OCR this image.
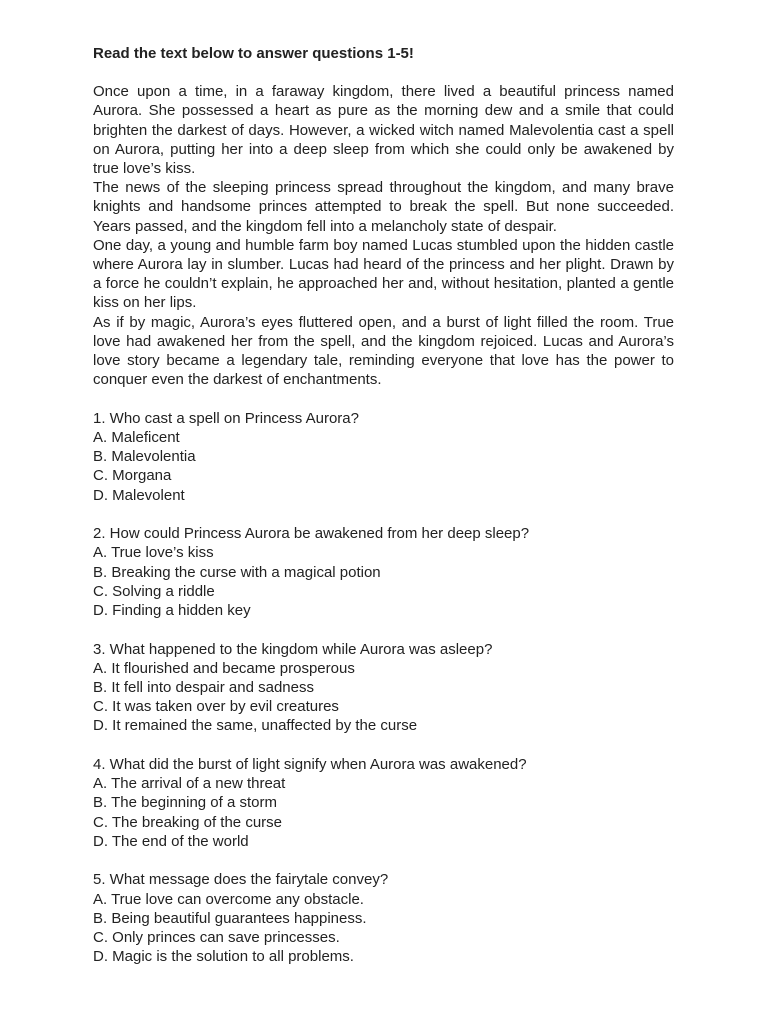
Read the text below to answer questions 1-5!

Once upon a time, in a faraway kingdom, there lived a beautiful princess named Aurora. She possessed a heart as pure as the morning dew and a smile that could brighten the darkest of days. However, a wicked witch named Malevolentia cast a spell on Aurora, putting her into a deep sleep from which she could only be awakened by true love’s kiss.

The news of the sleeping princess spread throughout the kingdom, and many brave knights and handsome princes attempted to break the spell. But none succeeded. Years passed, and the kingdom fell into a melancholy state of despair.

One day, a young and humble farm boy named Lucas stumbled upon the hidden castle where Aurora lay in slumber. Lucas had heard of the princess and her plight. Drawn by a force he couldn’t explain, he approached her and, without hesitation, planted a gentle kiss on her lips.

As if by magic, Aurora’s eyes fluttered open, and a burst of light filled the room. True love had awakened her from the spell, and the kingdom rejoiced. Lucas and Aurora’s love story became a legendary tale, reminding everyone that love has the power to conquer even the darkest of enchantments.

1. Who cast a spell on Princess Aurora?
A. Maleficent
B. Malevolentia
C. Morgana
D. Malevolent
2. How could Princess Aurora be awakened from her deep sleep?
A. True love’s kiss
B. Breaking the curse with a magical potion
C. Solving a riddle
D. Finding a hidden key
3. What happened to the kingdom while Aurora was asleep?
A. It flourished and became prosperous
B. It fell into despair and sadness
C. It was taken over by evil creatures
D. It remained the same, unaffected by the curse
4. What did the burst of light signify when Aurora was awakened?
A. The arrival of a new threat
B. The beginning of a storm
C. The breaking of the curse
D. The end of the world
5. What message does the fairytale convey?
A. True love can overcome any obstacle.
B. Being beautiful guarantees happiness.
C. Only princes can save princesses.
D. Magic is the solution to all problems.
